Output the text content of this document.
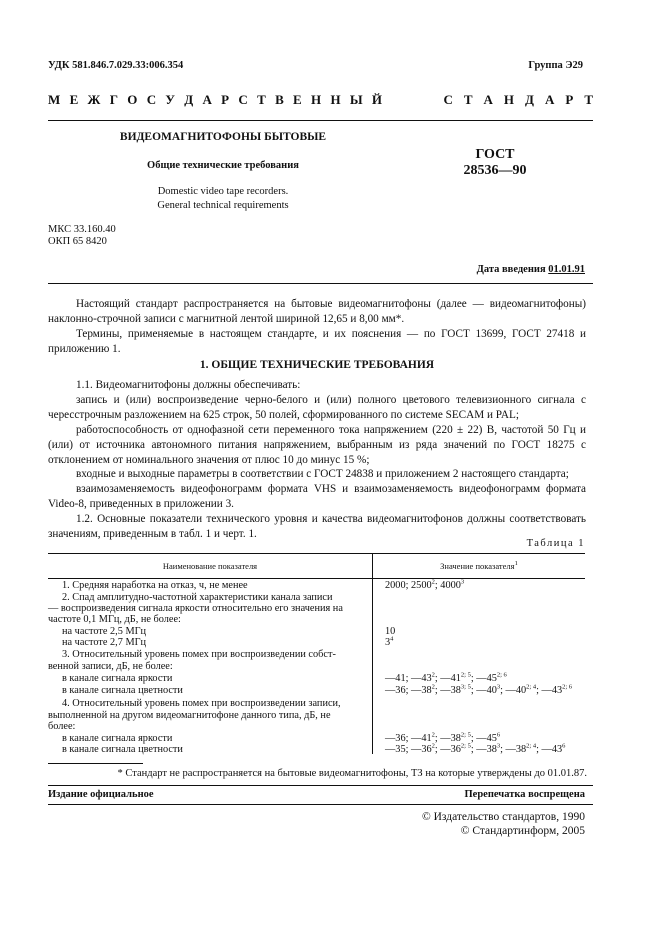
УДК 581.846.7.029.33:006.354	Группа Э29
М Е Ж Г О С У Д А Р С Т В Е Н Н Ы Й	С Т А Н Д А Р Т
ВИДЕОМАГНИТОФОНЫ БЫТОВЫЕ
Общие технические требования
Domestic video tape recorders.
General technical requirements
ГОСТ
28536—90
МКС 33.160.40
ОКП 65 8420
Дата введения 01.01.91

Настоящий стандарт распространяется на бытовые видеомагнитофоны (далее — видеомагнитофоны) наклонно-строчной записи с магнитной лентой шириной 12,65 и 8,00 мм*.

Термины, применяемые в настоящем стандарте, и их пояснения — по ГОСТ 13699, ГОСТ 27418 и приложению 1.

1. ОБЩИЕ ТЕХНИЧЕСКИЕ ТРЕБОВАНИЯ

1.1. Видеомагнитофоны должны обеспечивать:

запись и (или) воспроизведение черно-белого и (или) полного цветового телевизионного сигнала с чересстрочным разложением на 625 строк, 50 полей, сформированного по системе SECAM и PAL;

работоспособность от однофазной сети переменного тока напряжением (220 ± 22) В, частотой 50 Гц и (или) от источника автономного питания напряжением, выбранным из ряда значений по ГОСТ 18275 с отклонением от номинального значения от плюс 10 до минус 15 %;

входные и выходные параметры в соответствии с ГОСТ 24838 и приложением 2 настоящего стандарта;

взаимозаменяемость видеофонограмм формата VHS и взаимозаменяемость видеофонограмм формата Video-8, приведенных в приложении 3.

1.2. Основные показатели технического уровня и качества видеомагнитофонов должны соответствовать значениям, приведенным в табл. 1 и черт. 1.

Таблица 1
Наименование показателя	Значение показателя$^1$
1. Средняя наработка на отказ, ч, не менее	2000; 2500$^2$; 4000$^3$
2. Спад амплитудно-частотной характеристики канала записи
— воспроизведения сигнала яркости относительно его значения на
частоте 0,1 МГц, дБ, не более:
на частоте 2,5 МГц	10
на частоте 2,7 МГц	$3^4$
3. Относительный уровень помех при воспроизведении собст-
венной записи, дБ, не более:
в канале сигнала яркости	—41; $—43^2$; —41$^{2; 5}$; —45$^{2; 6}$
в канале сигнала цветности	—36; $—38^2$; —38$^{3; 5}$; $—40^3$; —40$^{2; 4}$; —43$^{2; 6}$
4. Относительный уровень помех при воспроизведении записи,
выполненной на другом видеомагнитофоне данного типа, дБ, не
более:
в канале сигнала яркости	—36; $—41^2$; —38$^{2; 5}$; $—45^6$
в канале сигнала цветности	—35; $—36^2$; —36$^{2; 5}$; $—38^3$; —38$^{2; 4}$; $—43^6$
* Стандарт не распространяется на бытовые видеомагнитофоны, ТЗ на которые утверждены до 01.01.87.
Издание официальное	Перепечатка воспрещена
© Издательство стандартов, 1990
© Стандартинформ, 2005
